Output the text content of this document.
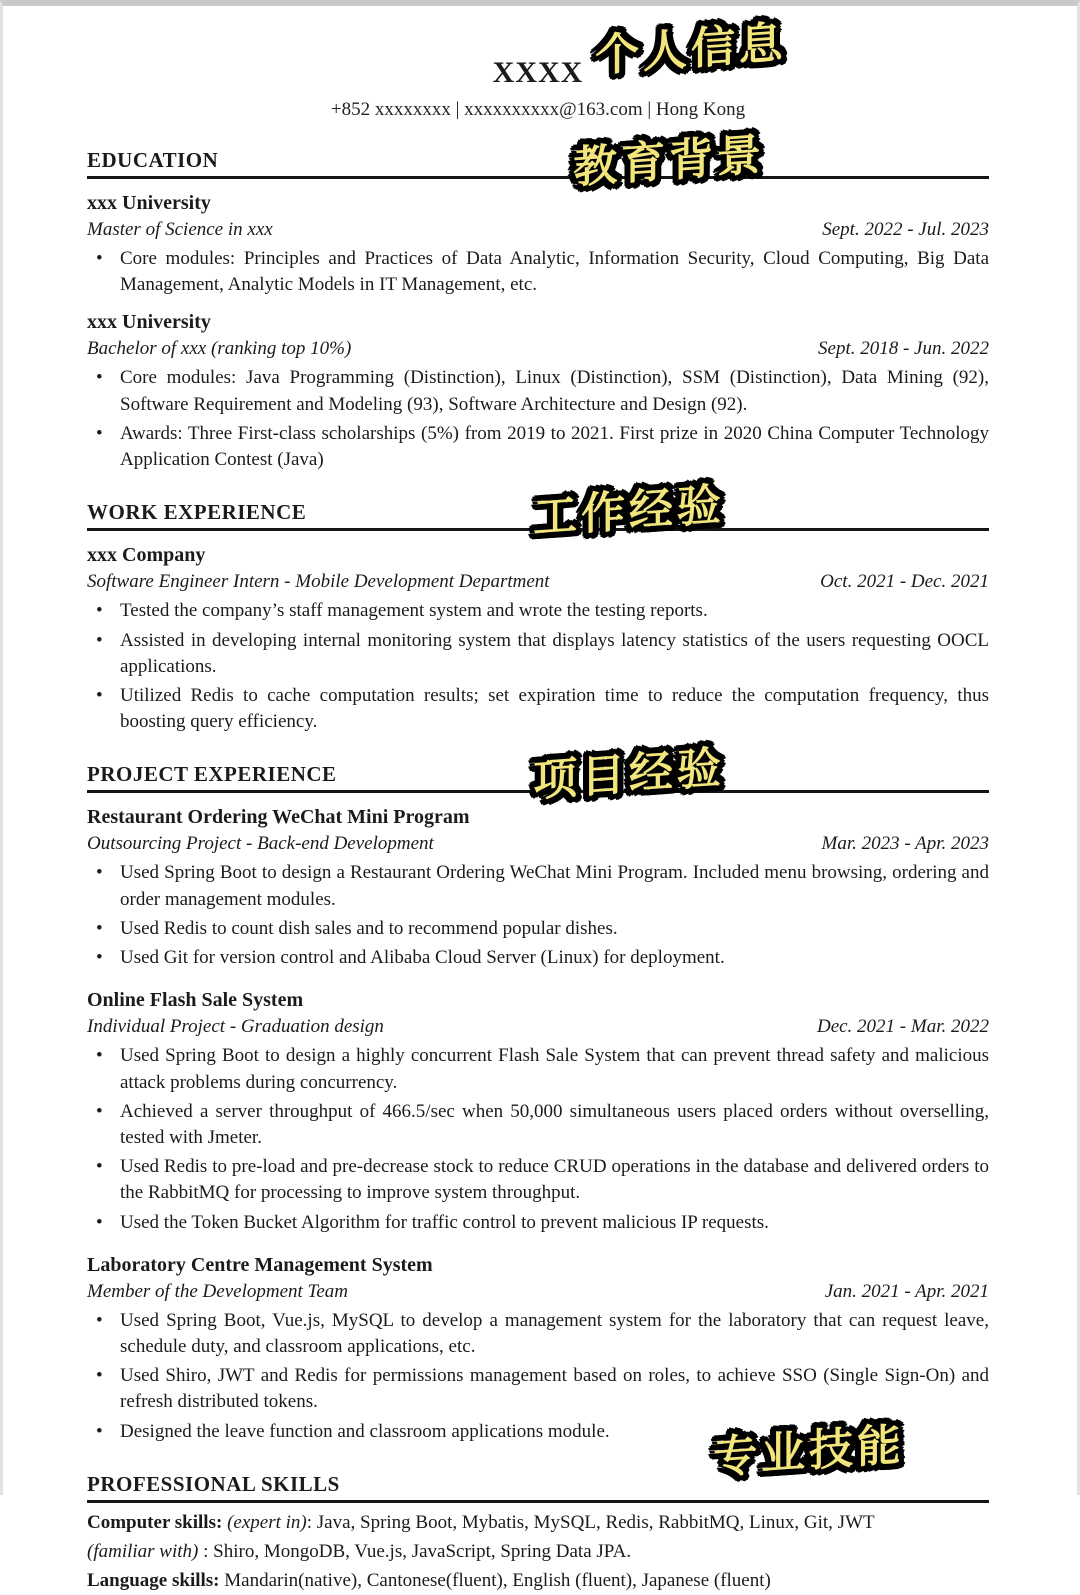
个人信息
XXXX
+852 xxxxxxxx | xxxxxxxxxx@163.com | Hong Kong
EDUCATION	教育背景

xxx University

Master of Science in xxx	Sept. 2022 - Jul. 2023
• Core modules: Principles and Practices of Data Analytic, Information Security, Cloud Computing, Big Data Management, Analytic Models in IT Management, etc.

xxx University

Bachelor of xxx (ranking top 10%)	Sept. 2018 - Jun. 2022
• Core modules: Java Programming (Distinction), Linux (Distinction), SSM (Distinction), Data Mining (92), Software Requirement and Modeling (93), Software Architecture and Design (92).
• Awards: Three First-class scholarships (5%) from 2019 to 2021. First prize in 2020 China Computer Technology Application Contest (Java)
WORK EXPERIENCE	工作经验

xxx Company

Software Engineer Intern - Mobile Development Department	Oct. 2021 - Dec. 2021
• Tested the company’s staff management system and wrote the testing reports.
• Assisted in developing internal monitoring system that displays latency statistics of the users requesting OOCL applications.
• Utilized Redis to cache computation results; set expiration time to reduce the computation frequency, thus boosting query efficiency.
PROJECT EXPERIENCE	项目经验

Restaurant Ordering WeChat Mini Program

Outsourcing Project - Back-end Development	Mar. 2023 - Apr. 2023
• Used Spring Boot to design a Restaurant Ordering WeChat Mini Program. Included menu browsing, ordering and order management modules.
• Used Redis to count dish sales and to recommend popular dishes.
• Used Git for version control and Alibaba Cloud Server (Linux) for deployment.

Online Flash Sale System

Individual Project - Graduation design	Dec. 2021 - Mar. 2022
• Used Spring Boot to design a highly concurrent Flash Sale System that can prevent thread safety and malicious attack problems during concurrency.
• Achieved a server throughput of 466.5/sec when 50,000 simultaneous users placed orders without overselling, tested with Jmeter.
• Used Redis to pre-load and pre-decrease stock to reduce CRUD operations in the database and delivered orders to the RabbitMQ for processing to improve system throughput.
• Used the Token Bucket Algorithm for traffic control to prevent malicious IP requests.

Laboratory Centre Management System

Member of the Development Team	Jan. 2021 - Apr. 2021
• Used Spring Boot, Vue.js, MySQL to develop a management system for the laboratory that can request leave, schedule duty, and classroom applications, etc.
• Used Shiro, JWT and Redis for permissions management based on roles, to achieve SSO (Single Sign-On) and refresh distributed tokens.
• Designed the leave function and classroom applications module.
PROFESSIONAL SKILLS
专业技能

Computer skills: (expert in): Java, Spring Boot, Mybatis, MySQL, Redis, RabbitMQ, Linux, Git, JWT

(familiar with) : Shiro, MongoDB, Vue.js, JavaScript, Spring Data JPA.

Language skills: Mandarin(native), Cantonese(fluent), English (fluent), Japanese (fluent)
